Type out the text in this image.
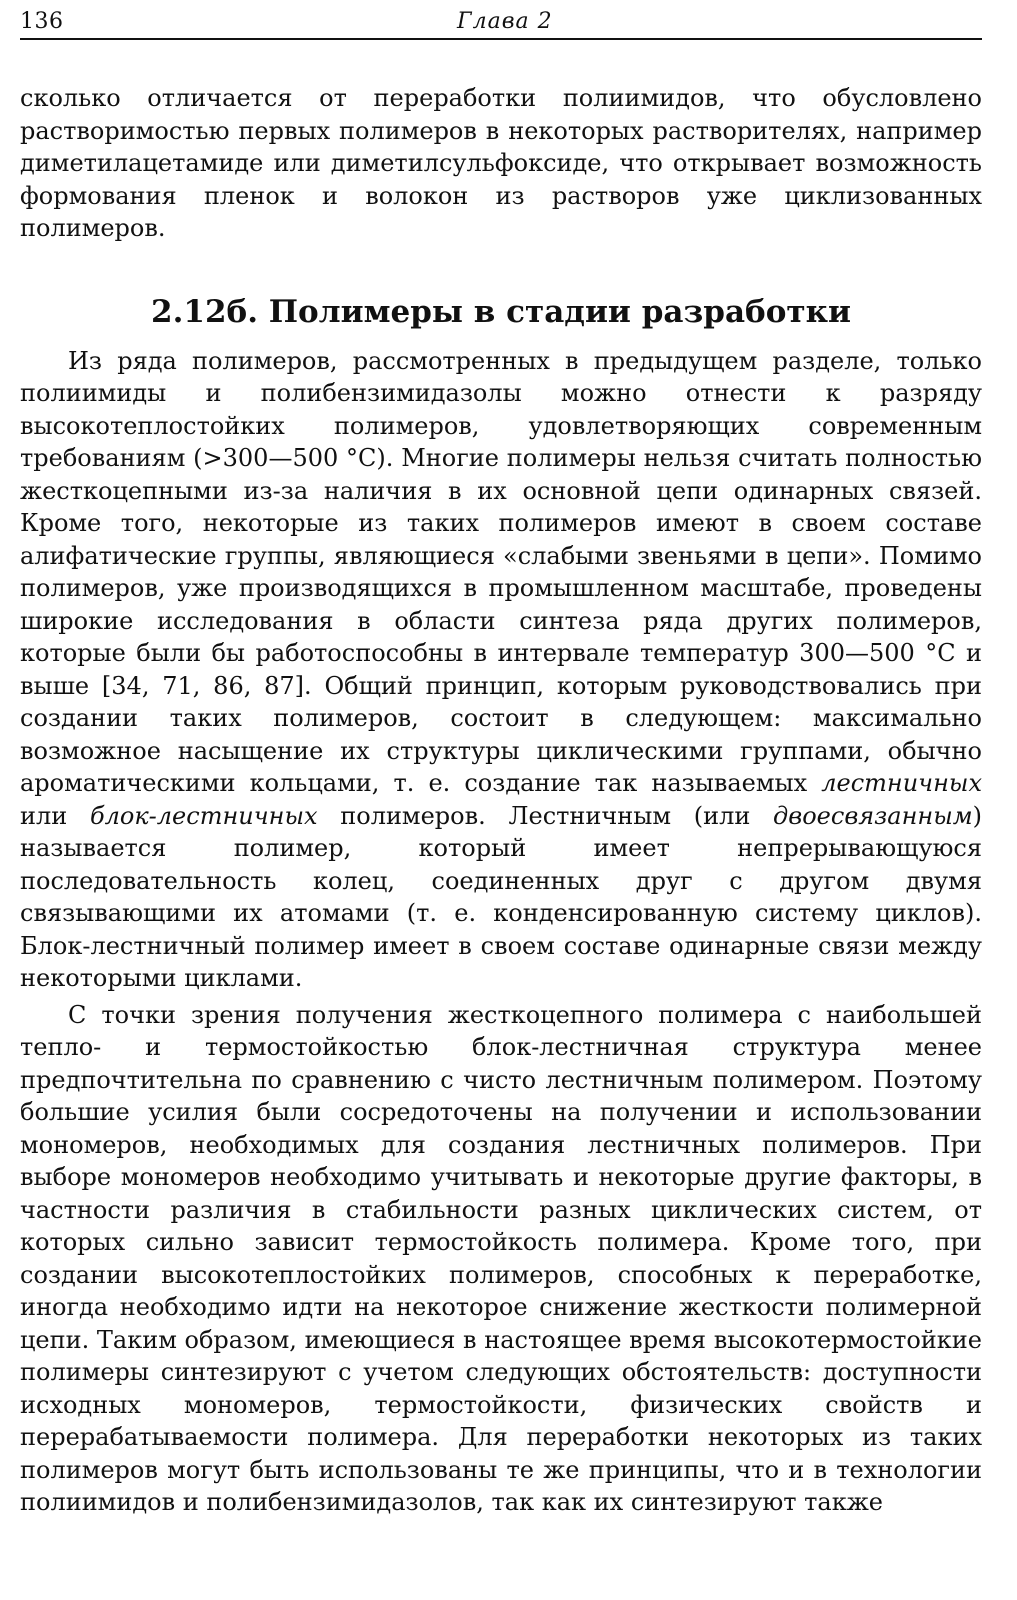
136	Глава 2

сколько отличается от переработки полиимидов, что обусловлено растворимостью первых полимеров в некоторых растворителях, например диметилацетамиде или диметилсульфоксиде, что открывает возможность формования пленок и волокон из растворов уже циклизованных полимеров.

2.12б. Полимеры в стадии разработки

Из ряда полимеров, рассмотренных в предыдущем разделе, только полиимиды и полибензимидазолы можно отнести к разряду высокотеплостойких полимеров, удовлетворяющих современным требованиям (>300—500 °С). Многие полимеры нельзя считать полностью жесткоцепными из-за наличия в их основной цепи одинарных связей. Кроме того, некоторые из таких полимеров имеют в своем составе алифатические группы, являющиеся «слабыми звеньями в цепи». Помимо полимеров, уже производящихся в промышленном масштабе, проведены широкие исследования в области синтеза ряда других полимеров, которые были бы работоспособны в интервале температур 300—500 °С и выше [34, 71, 86, 87]. Общий принцип, которым руководствовались при создании таких полимеров, состоит в следующем: максимально возможное насыщение их структуры циклическими группами, обычно ароматическими кольцами, т. е. создание так называемых лестничных или блок-лестничных полимеров. Лестничным (или двоесвязанным) называется полимер, который имеет непрерывающуюся последовательность колец, соединенных друг с другом двумя связывающими их атомами (т. е. конденсированную систему циклов). Блок-лестничный полимер имеет в своем составе одинарные связи между некоторыми циклами.

С точки зрения получения жесткоцепного полимера с наибольшей тепло- и термостойкостью блок-лестничная структура менее предпочтительна по сравнению с чисто лестничным полимером. Поэтому большие усилия были сосредоточены на получении и использовании мономеров, необходимых для создания лестничных полимеров. При выборе мономеров необходимо учитывать и некоторые другие факторы, в частности различия в стабильности разных циклических систем, от которых сильно зависит термостойкость полимера. Кроме того, при создании высокотеплостойких полимеров, способных к переработке, иногда необходимо идти на некоторое снижение жесткости полимерной цепи. Таким образом, имеющиеся в настоящее время высокотермостойкие полимеры синтезируют с учетом следующих обстоятельств: доступности исходных мономеров, термостойкости, физических свойств и перерабатываемости полимера. Для переработки некоторых из таких полимеров могут быть использованы те же принципы, что и в технологии полиимидов и полибензимидазолов, так как их синтезируют также
